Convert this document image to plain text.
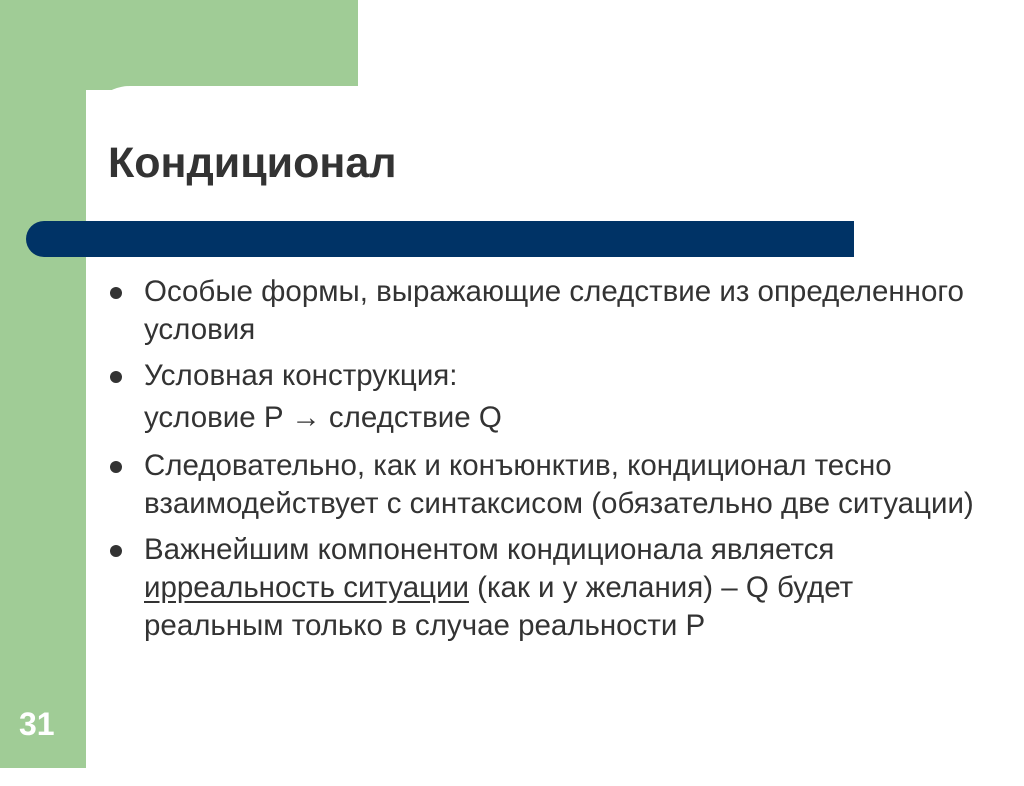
Кондиционал
Особые формы, выражающие следствие из определенного условия
Условная конструкция:
условие P → следствие Q
Следовательно, как и конъюнктив, кондиционал тесно взаимодействует с синтаксисом (обязательно две ситуации)
Важнейшим компонентом кондиционала является ирреальность ситуации (как и у желания) – Q будет реальным только в случае реальности P
31
